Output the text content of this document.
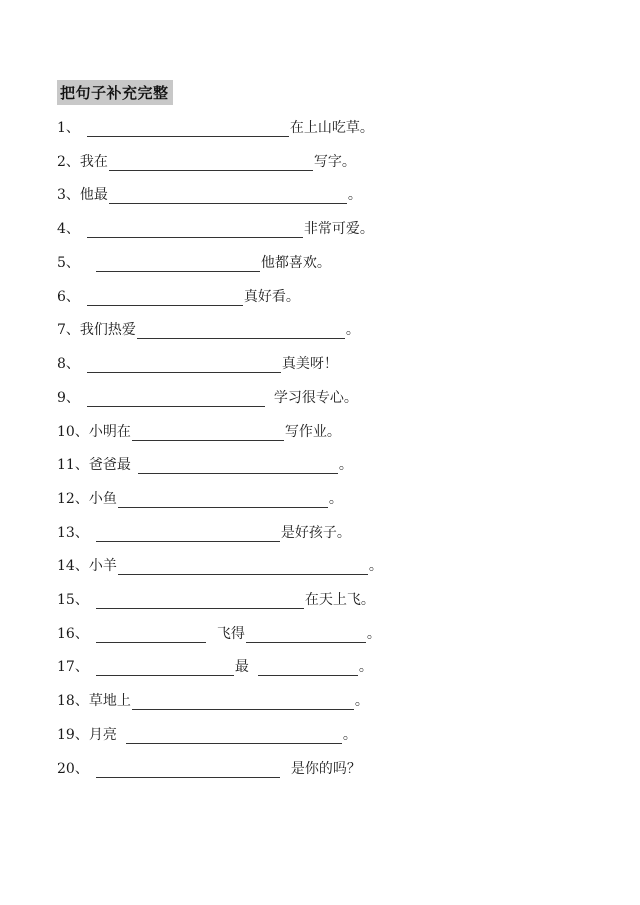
把句子补充完整
1、	在上山吃草。
2、 我在	写字。
3、 他最	。
4、	非常可爱。
5、	他都喜欢。
6、	真好看。
7、 我们热爱	。
8、	真美呀！
9、	学习很专心。
10、 小明在	写作业。
11、 爸爸最	。
12、 小鱼	。
13、	是好孩子。
14、 小羊	。
15、	在天上飞。
16、	飞得	。
17、	最	。
18、 草地上	。
19、 月亮	。
20、	是你的吗？
